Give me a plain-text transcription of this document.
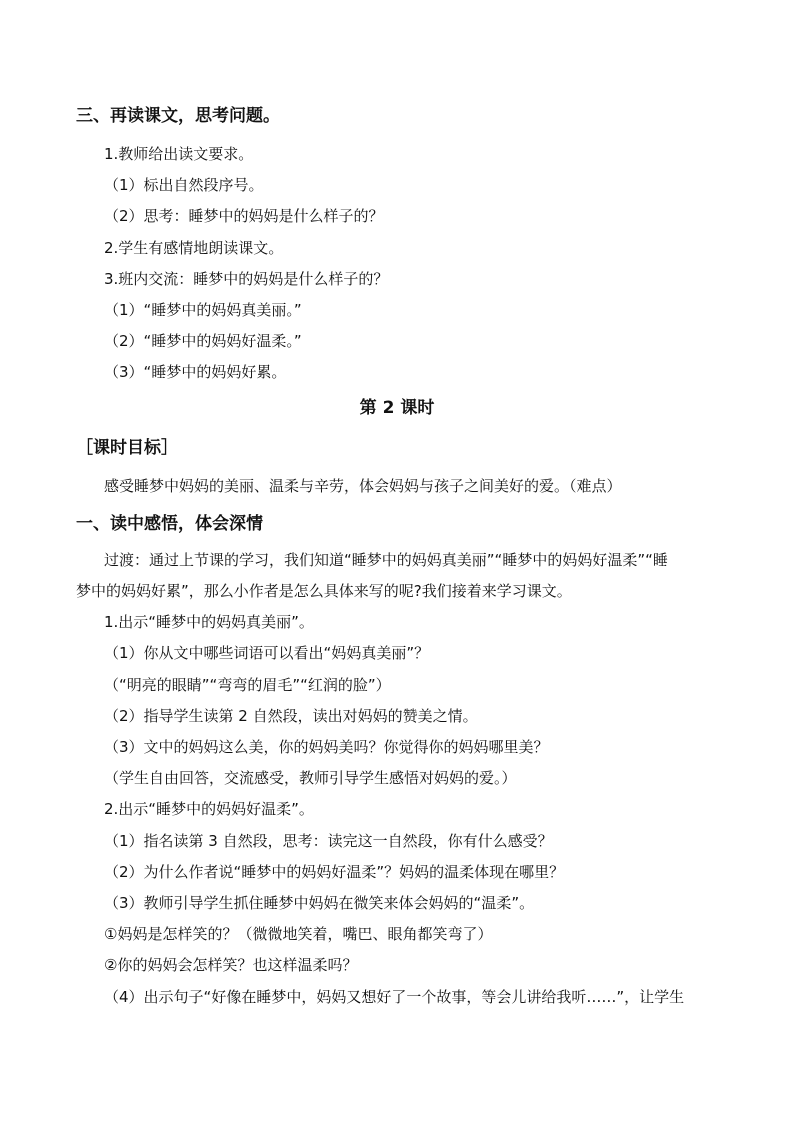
三、再读课文，思考问题。
1.教师给出读文要求。
（1）标出自然段序号。
（2）思考：睡梦中的妈妈是什么样子的？
2.学生有感情地朗读课文。
3.班内交流：睡梦中的妈妈是什么样子的？
（1）“睡梦中的妈妈真美丽。”
（2）“睡梦中的妈妈好温柔。”
（3）“睡梦中的妈妈好累。
第 2 课时
［课时目标］
感受睡梦中妈妈的美丽、温柔与辛劳，体会妈妈与孩子之间美好的爱。（难点）
一、读中感悟，体会深情
过渡：通过上节课的学习，我们知道“睡梦中的妈妈真美丽”“睡梦中的妈妈好温柔”“睡
梦中的妈妈好累”，那么小作者是怎么具体来写的呢?我们接着来学习课文。
1.出示“睡梦中的妈妈真美丽”。
（1）你从文中哪些词语可以看出“妈妈真美丽”？
（“明亮的眼睛”“弯弯的眉毛”“红润的脸”）
（2）指导学生读第 2 自然段，读出对妈妈的赞美之情。
（3）文中的妈妈这么美，你的妈妈美吗？你觉得你的妈妈哪里美？
（学生自由回答，交流感受，教师引导学生感悟对妈妈的爱。）
2.出示“睡梦中的妈妈好温柔”。
（1）指名读第 3 自然段，思考：读完这一自然段，你有什么感受？
（2）为什么作者说“睡梦中的妈妈好温柔”？妈妈的温柔体现在哪里？
（3）教师引导学生抓住睡梦中妈妈在微笑来体会妈妈的“温柔”。
①妈妈是怎样笑的？（微微地笑着，嘴巴、眼角都笑弯了）
②你的妈妈会怎样笑？也这样温柔吗？
（4）出示句子“好像在睡梦中，妈妈又想好了一个故事，等会儿讲给我听……”，让学生
